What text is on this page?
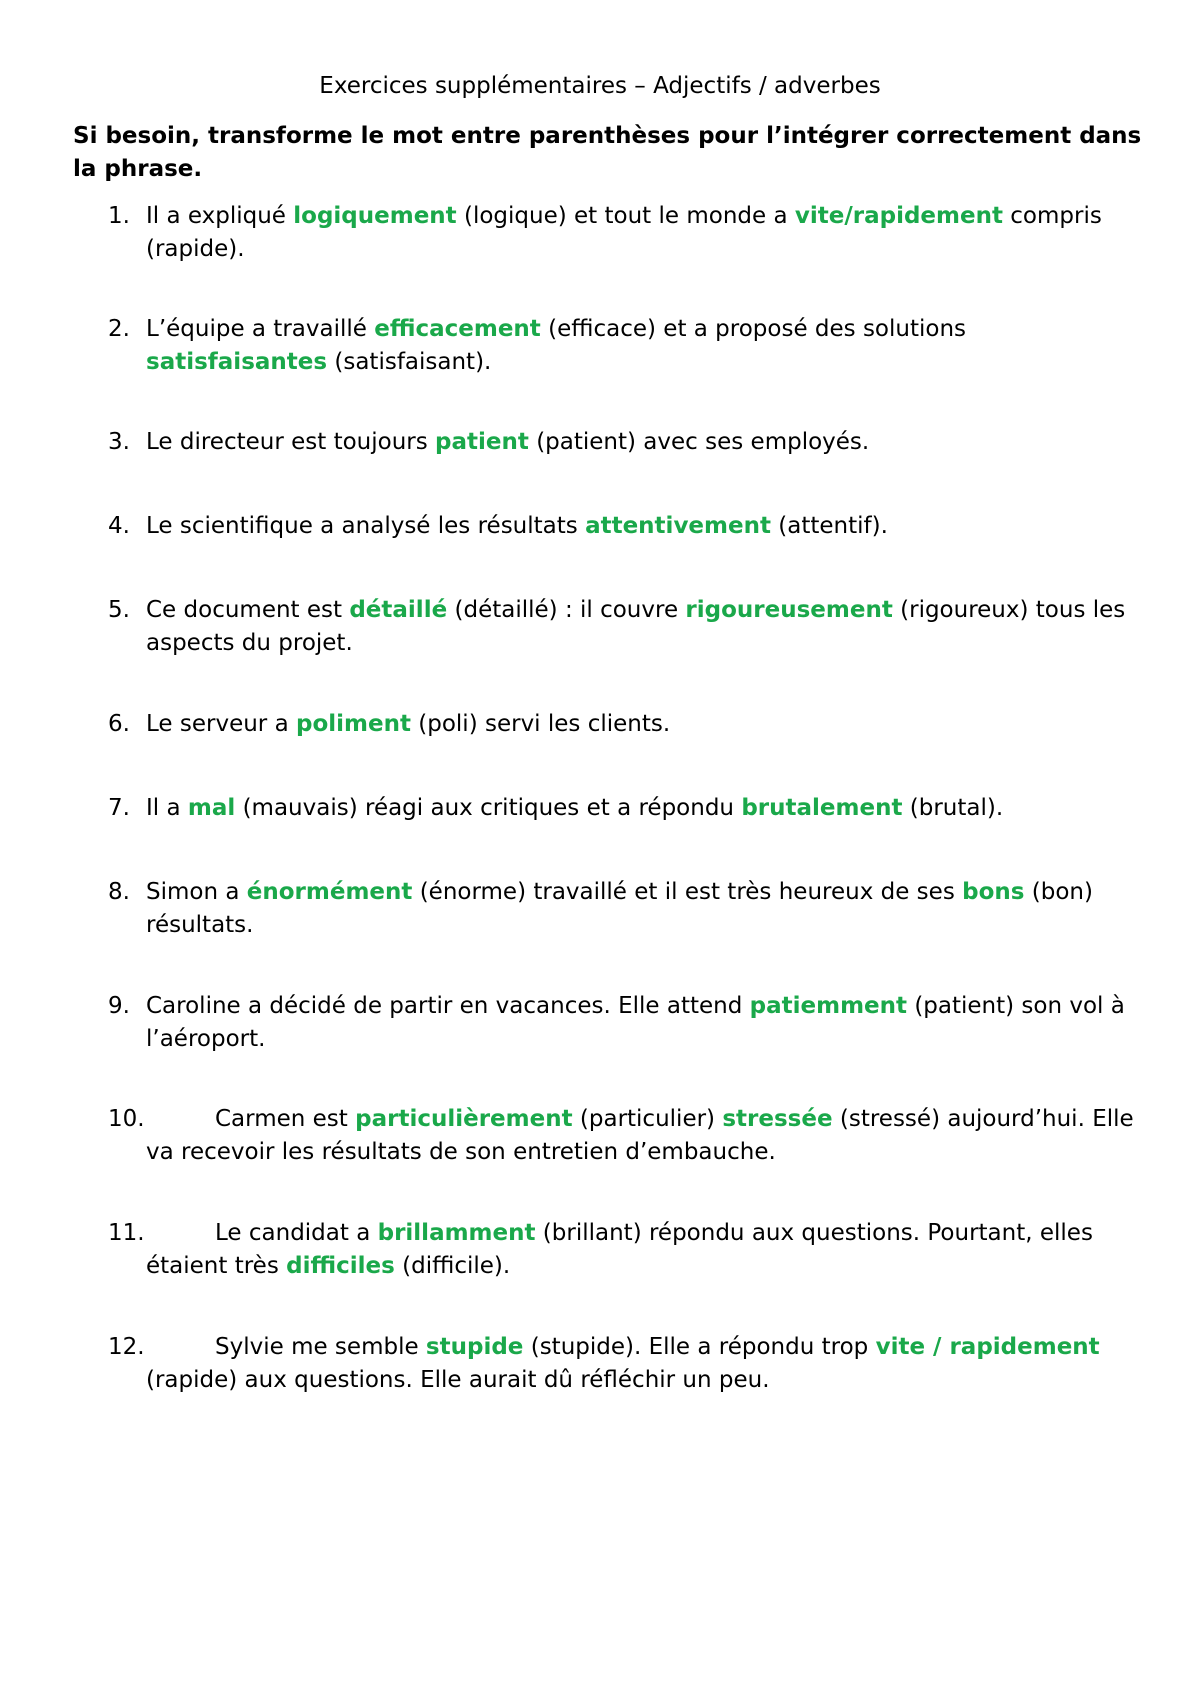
Exercices supplémentaires – Adjectifs / adverbes
Si besoin, transforme le mot entre parenthèses pour l’intégrer correctement dans la phrase.
1. Il a expliqué logiquement (logique) et tout le monde a vite/rapidement compris (rapide).
2. L’équipe a travaillé efficacement (efficace) et a proposé des solutions satisfaisantes (satisfaisant).
3. Le directeur est toujours patient (patient) avec ses employés.
4. Le scientifique a analysé les résultats attentivement (attentif).
5. Ce document est détaillé (détaillé) : il couvre rigoureusement (rigoureux) tous les aspects du projet.
6. Le serveur a poliment (poli) servi les clients.
7. Il a mal (mauvais) réagi aux critiques et a répondu brutalement (brutal).
8. Simon a énormément (énorme) travaillé et il est très heureux de ses bons (bon) résultats.
9. Caroline a décidé de partir en vacances. Elle attend patiemment (patient) son vol à l’aéroport.
10.	Carmen est particulièrement (particulier) stressée (stressé) aujourd’hui. Elle va recevoir les résultats de son entretien d’embauche.
11.	Le candidat a brillamment (brillant) répondu aux questions. Pourtant, elles étaient très difficiles (difficile).
12.	Sylvie me semble stupide (stupide). Elle a répondu trop vite / rapidement (rapide) aux questions. Elle aurait dû réfléchir un peu.
